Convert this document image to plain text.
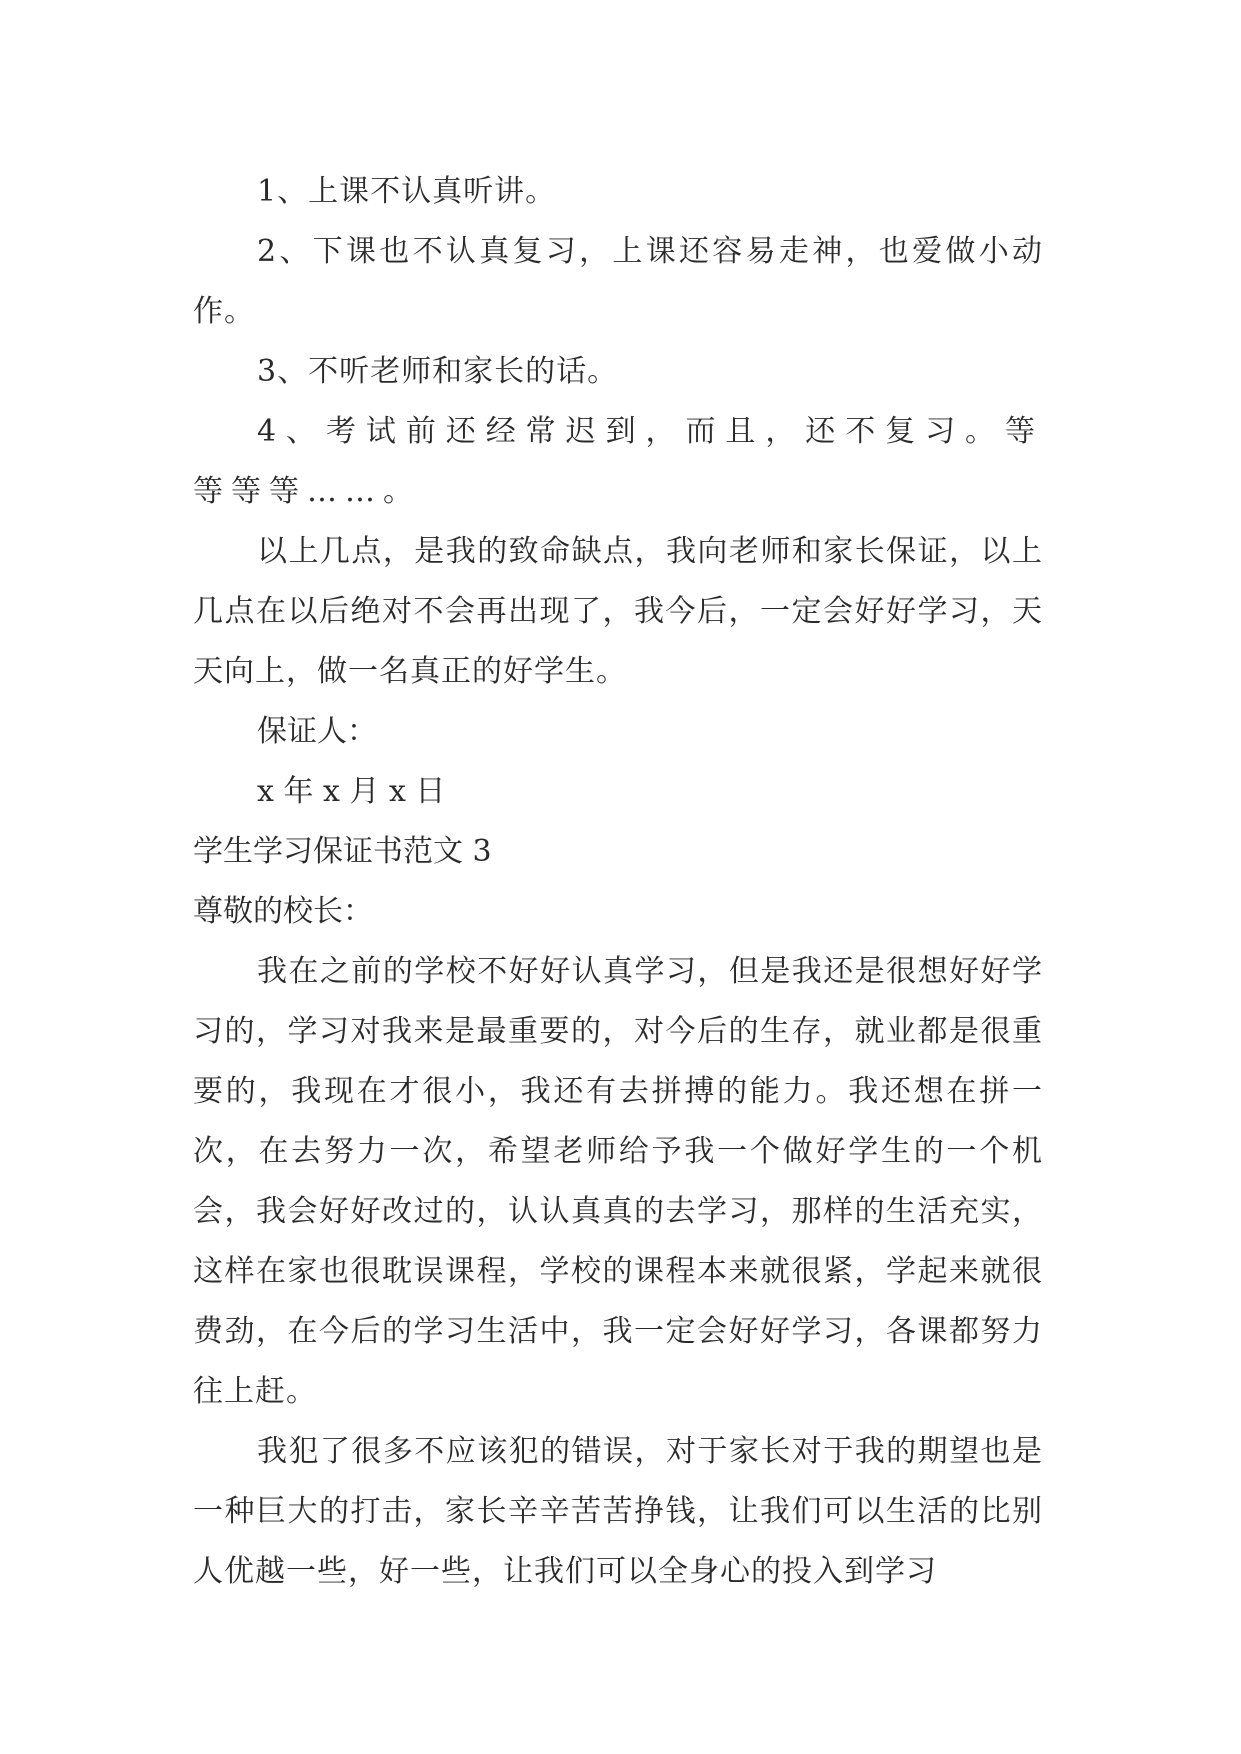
1、上课不认真听讲。

2、下课也不认真复习，上课还容易走神，也爱做小动作。

3、不听老师和家长的话。

4、考试前还经常迟到，而且，还不复习。等等等等……。

以上几点，是我的致命缺点，我向老师和家长保证，以上几点在以后绝对不会再出现了，我今后，一定会好好学习，天天向上，做一名真正的好学生。

保证人：

x 年 x 月 x 日

学生学习保证书范文 3

尊敬的校长：

我在之前的学校不好好认真学习，但是我还是很想好好学习的，学习对我来是最重要的，对今后的生存，就业都是很重要的，我现在才很小，我还有去拼搏的能力。我还想在拼一次，在去努力一次，希望老师给予我一个做好学生的一个机会，我会好好改过的，认认真真的去学习，那样的生活充实，这样在家也很耽误课程，学校的课程本来就很紧，学起来就很费劲，在今后的学习生活中，我一定会好好学习，各课都努力往上赶。

我犯了很多不应该犯的错误，对于家长对于我的期望也是一种巨大的打击，家长辛辛苦苦挣钱，让我们可以生活的比别人优越一些，好一些，让我们可以全身心的投入到学习
